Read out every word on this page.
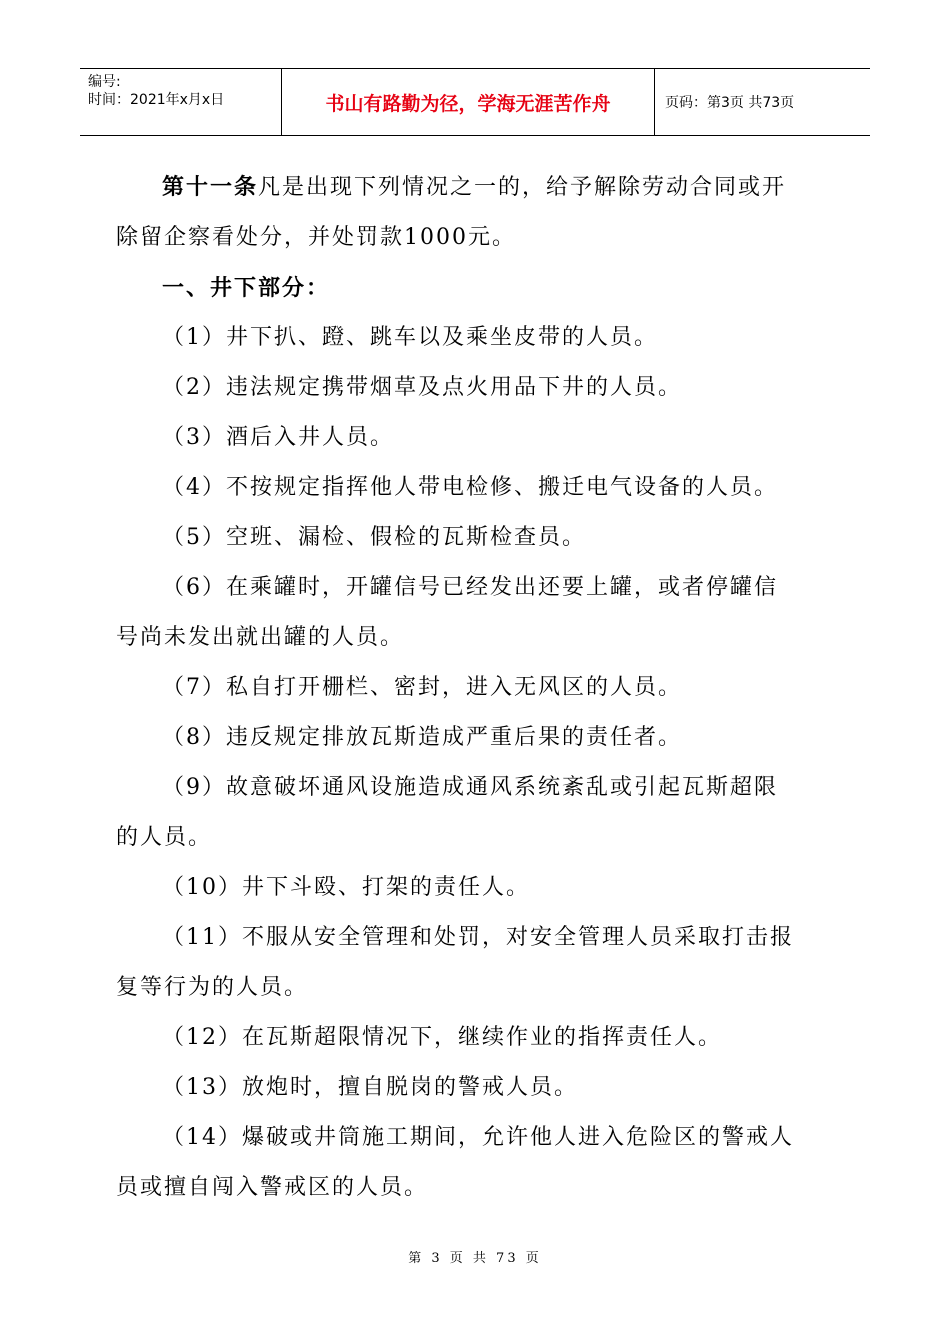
编号:
时间：2021年x月x日	书山有路勤为径，学海无涯苦作舟	页码：第3页 共73页

第十一条凡是出现下列情况之一的，给予解除劳动合同或开

除留企察看处分，并处罚款1000元。

一、井下部分：

（1）井下扒、蹬、跳车以及乘坐皮带的人员。

（2）违法规定携带烟草及点火用品下井的人员。

（3）酒后入井人员。

（4）不按规定指挥他人带电检修、搬迁电气设备的人员。

（5）空班、漏检、假检的瓦斯检查员。

（6）在乘罐时，开罐信号已经发出还要上罐，或者停罐信

号尚未发出就出罐的人员。

（7）私自打开栅栏、密封，进入无风区的人员。

（8）违反规定排放瓦斯造成严重后果的责任者。

（9）故意破坏通风设施造成通风系统紊乱或引起瓦斯超限

的人员。

（10）井下斗殴、打架的责任人。

（11）不服从安全管理和处罚，对安全管理人员采取打击报

复等行为的人员。

（12）在瓦斯超限情况下，继续作业的指挥责任人。

（13）放炮时，擅自脱岗的警戒人员。

（14）爆破或井筒施工期间，允许他人进入危险区的警戒人

员或擅自闯入警戒区的人员。

第 3 页 共 73 页
